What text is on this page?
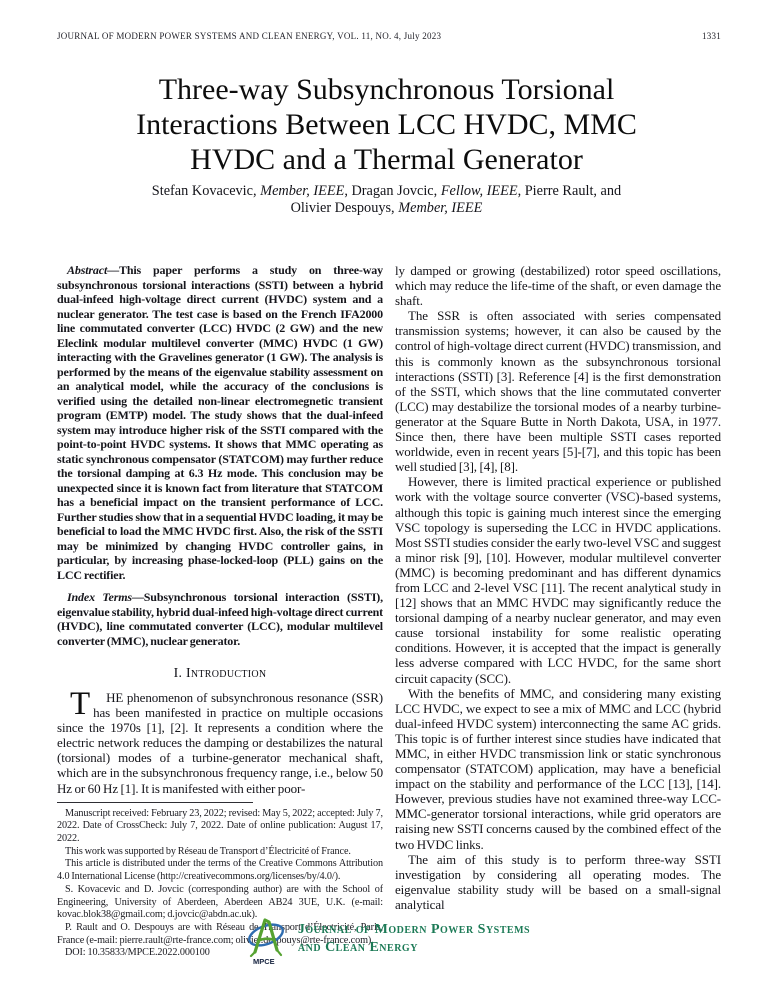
JOURNAL OF MODERN POWER SYSTEMS AND CLEAN ENERGY, VOL. 11, NO. 4, July 2023	1331
Three-way Subsynchronous Torsional
Interactions Between LCC HVDC, MMC
HVDC and a Thermal Generator

Stefan Kovacevic, Member, IEEE, Dragan Jovcic, Fellow, IEEE, Pierre Rault, and

Olivier Despouys, Member, IEEE

Abstract—This paper performs a study on three-way subsynchronous torsional interactions (SSTI) between a hybrid dual-infeed high-voltage direct current (HVDC) system and a nuclear generator. The test case is based on the French IFA2000 line commutated converter (LCC) HVDC (2 GW) and the new Eleclink modular multilevel converter (MMC) HVDC (1 GW) interacting with the Gravelines generator (1 GW). The analysis is performed by the means of the eigenvalue stability assessment on an analytical model, while the accuracy of the conclusions is verified using the detailed non-linear electromegnetic transient program (EMTP) model. The study shows that the dual-infeed system may introduce higher risk of the SSTI compared with the point-to-point HVDC systems. It shows that MMC operating as static synchronous compensator (STATCOM) may further reduce the torsional damping at 6.3 Hz mode. This conclusion may be unexpected since it is known fact from literature that STATCOM has a beneficial impact on the transient performance of LCC. Further studies show that in a sequential HVDC loading, it may be beneficial to load the MMC HVDC first. Also, the risk of the SSTI may be minimized by changing HVDC controller gains, in particular, by increasing phase-locked-loop (PLL) gains on the LCC rectifier.

Index Terms—Subsynchronous torsional interaction (SSTI), eigenvalue stability, hybrid dual-infeed high-voltage direct current (HVDC), line commutated converter (LCC), modular multilevel converter (MMC), nuclear generator.

I. Introduction

T HE phenomenon of subsynchronous resonance (SSR) has been manifested in practice on multiple occasions since the 1970s [1], [2]. It represents a condition where the electric network reduces the damping or destabilizes the natural (torsional) modes of a turbine-generator mechanical shaft, which are in the subsynchronous frequency range, i.e., below 50 Hz or 60 Hz [1]. It is manifested with either poor-

Manuscript received: February 23, 2022; revised: May 5, 2022; accepted: July 7, 2022. Date of CrossCheck: July 7, 2022. Date of online publication: August 17, 2022.

This work was supported by Réseau de Transport d’Électricité of France.

This article is distributed under the terms of the Creative Commons Attribution 4.0 International License (http://creativecommons.org/licenses/by/4.0/).

S. Kovacevic and D. Jovcic (corresponding author) are with the School of Engineering, University of Aberdeen, Aberdeen AB24 3UE, U.K. (e-mail: kovac.blok38@gmail.com; d.jovcic@abdn.ac.uk).

P. Rault and O. Despouys are with Réseau de Transport d’Électricité, Paris, France (e-mail: pierre.rault@rte-france.com; olivier.despouys@rte-france.com).

DOI: 10.35833/MPCE.2022.000100

ly damped or growing (destabilized) rotor speed oscillations, which may reduce the life-time of the shaft, or even damage the shaft.

The SSR is often associated with series compensated transmission systems; however, it can also be caused by the control of high-voltage direct current (HVDC) transmission, and this is commonly known as the subsynchronous torsional interactions (SSTI) [3]. Reference [4] is the first demonstration of the SSTI, which shows that the line commutated converter (LCC) may destabilize the torsional modes of a nearby turbine-generator at the Square Butte in North Dakota, USA, in 1977. Since then, there have been multiple SSTI cases reported worldwide, even in recent years [5]-[7], and this topic has been well studied [3], [4], [8].

However, there is limited practical experience or published work with the voltage source converter (VSC)-based systems, although this topic is gaining much interest since the emerging VSC topology is superseding the LCC in HVDC applications. Most SSTI studies consider the early two-level VSC and suggest a minor risk [9], [10]. However, modular multilevel converter (MMC) is becoming predominant and has different dynamics from LCC and 2-level VSC [11]. The recent analytical study in [12] shows that an MMC HVDC may significantly reduce the torsional damping of a nearby nuclear generator, and may even cause torsional instability for some realistic operating conditions. However, it is accepted that the impact is generally less adverse compared with LCC HVDC, for the same short circuit capacity (SCC).

With the benefits of MMC, and considering many existing LCC HVDC, we expect to see a mix of MMC and LCC (hybrid dual-infeed HVDC system) interconnecting the same AC grids. This topic is of further interest since studies have indicated that MMC, in either HVDC transmission link or static synchronous compensator (STATCOM) application, may have a beneficial impact on the stability and performance of the LCC [13], [14]. However, previous studies have not examined three-way LCC-MMC-generator torsional interactions, while grid operators are raising new SSTI concerns caused by the combined effect of the two HVDC links.

The aim of this study is to perform three-way SSTI investigation by considering all operating modes. The eigenvalue stability study will be based on a small-signal analytical

MPCE
Journal of Modern Power Systems
and Clean Energy
